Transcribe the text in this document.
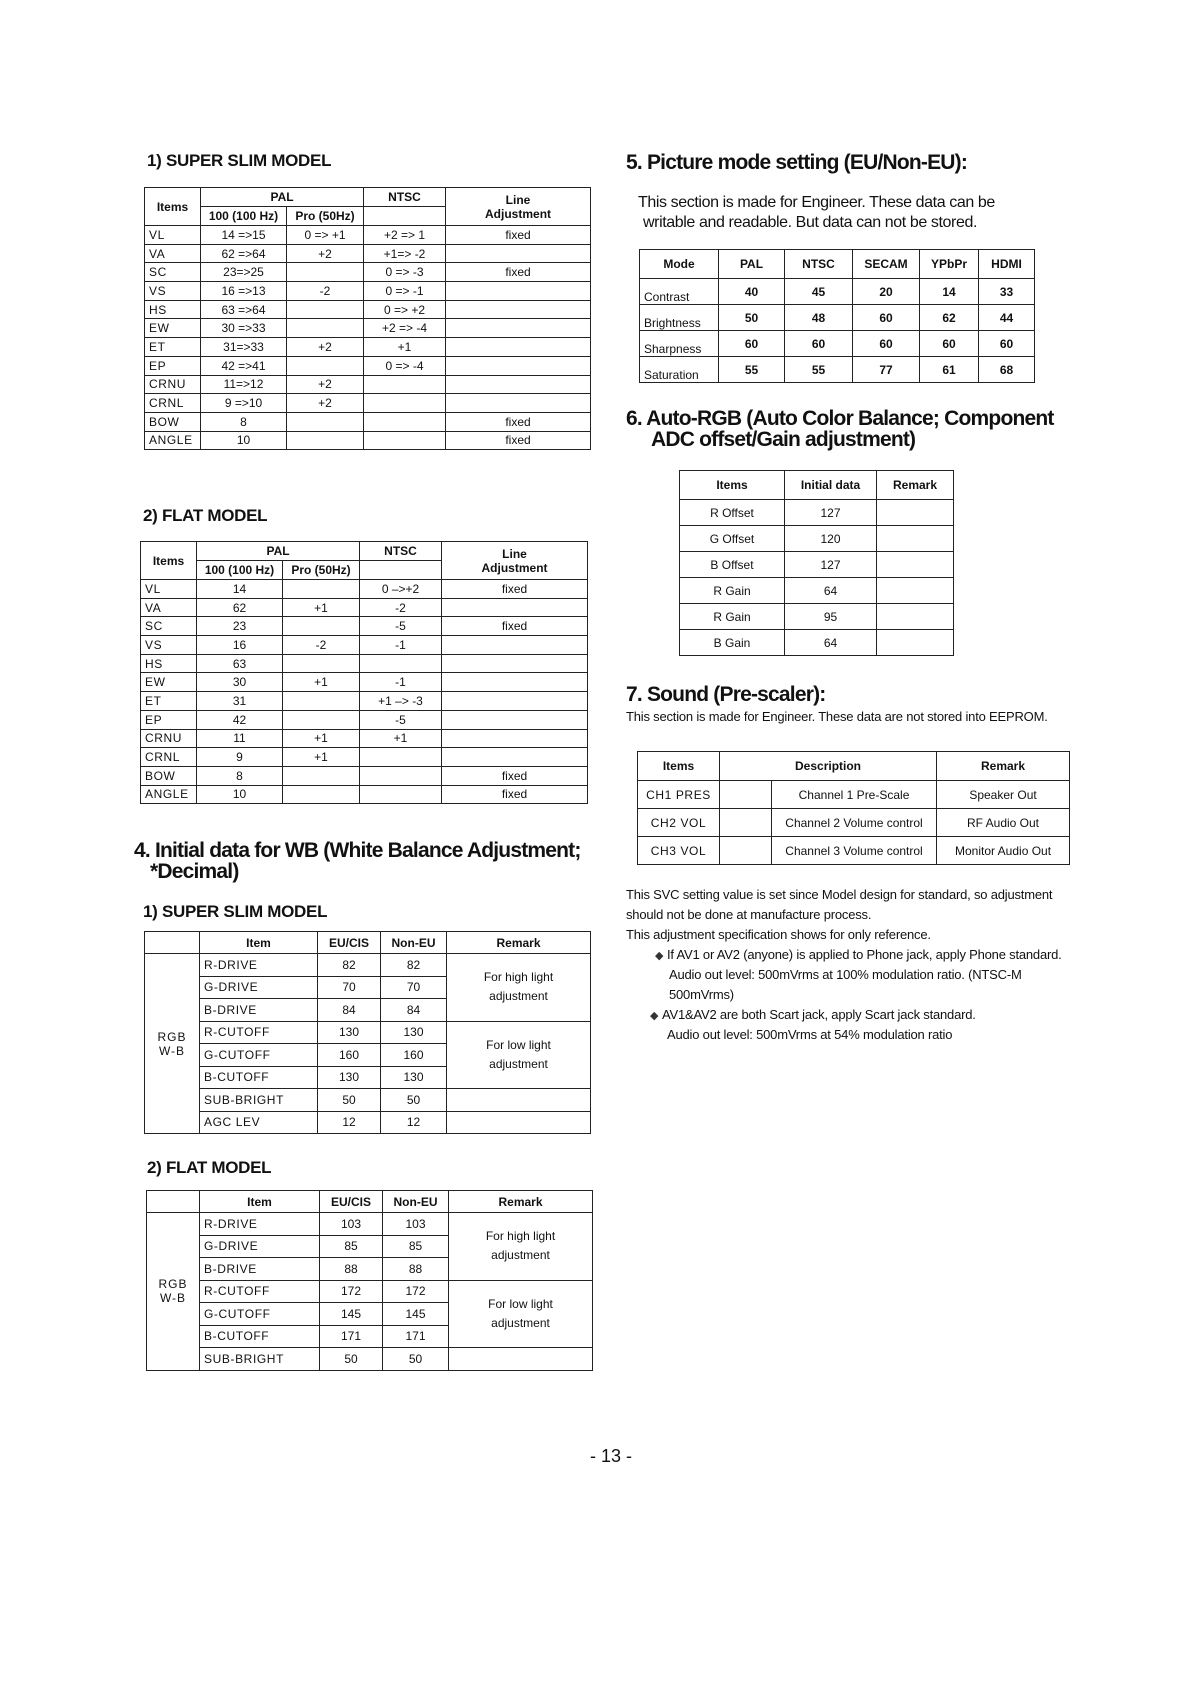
1) SUPER SLIM MODEL
Items	PAL		NTSC	Line Adjustment
	100 (100 Hz)	Pro (50Hz)		
VL	14 =>15	0 => +1	+2 => 1	fixed
VA	62 =>64	+2	+1=> -2	
SC	23=>25		0 => -3	fixed
VS	16 =>13	-2	0 => -1	
HS	63 =>64		0 => +2	
EW	30 =>33		+2 => -4	
ET	31=>33	+2	+1	
EP	42 =>41		0 => -4	
CRNU	11=>12	+2		
CRNL	9 =>10	+2		
BOW	8			fixed
ANGLE	10			fixed
2) FLAT MODEL
Items	PAL		NTSC	Line Adjustment
	100 (100 Hz)	Pro (50Hz)		
VL	14		0 –>+2	fixed
VA	62	+1	-2	
SC	23		-5	fixed
VS	16	-2	-1	
HS	63			
EW	30	+1	-1	
ET	31		+1 –> -3	
EP	42		-5	
CRNU	11	+1	+1	
CRNL	9	+1		
BOW	8			fixed
ANGLE	10			fixed
4. Initial data for WB (White Balance Adjustment;
*Decimal)
1) SUPER SLIM MODEL
	Item	EU/CIS	Non-EU	Remark
RGB W-B	R-DRIVE	82	82	For high light adjustment
	G-DRIVE	70	70	
	B-DRIVE	84	84	
	R-CUTOFF	130	130	For low light adjustment
	G-CUTOFF	160	160	
	B-CUTOFF	130	130	
	SUB-BRIGHT	50	50	
	AGC LEV	12	12	
2) FLAT MODEL
	Item	EU/CIS	Non-EU	Remark
RGB W-B	R-DRIVE	103	103	For high light adjustment
	G-DRIVE	85	85	
	B-DRIVE	88	88	
	R-CUTOFF	172	172	For low light adjustment
	G-CUTOFF	145	145	
	B-CUTOFF	171	171	
	SUB-BRIGHT	50	50	
5. Picture mode setting (EU/Non-EU):
This section is made for Engineer. These data can be
writable and readable. But data can not be stored.
Mode	PAL	NTSC	SECAM	YPbPr	HDMI
Contrast	40	45	20	14	33
Brightness	50	48	60	62	44
Sharpness	60	60	60	60	60
Saturation	55	55	77	61	68
6. Auto-RGB (Auto Color Balance; Component
ADC offset/Gain adjustment)
Items	Initial data	Remark
R Offset	127	
G Offset	120	
B Offset	127	
R Gain	64	
R Gain	95	
B Gain	64	
7. Sound (Pre-scaler):
This section is made for Engineer. These data are not stored into EEPROM.
Items	Description		Remark
CH1 PRES		Channel 1 Pre-Scale	Speaker Out
CH2 VOL		Channel 2 Volume control	RF Audio Out
CH3 VOL		Channel 3 Volume control	Monitor Audio Out
This SVC setting value is set since Model design for standard, so adjustment
should not be done at manufacture process.
This adjustment specification shows for only reference.
◆ If AV1 or AV2 (anyone) is applied to Phone jack, apply Phone standard.
Audio out level: 500mVrms at 100% modulation ratio. (NTSC-M
500mVrms)
◆ AV1&AV2 are both Scart jack, apply Scart jack standard.
Audio out level: 500mVrms at 54% modulation ratio
- 13 -
